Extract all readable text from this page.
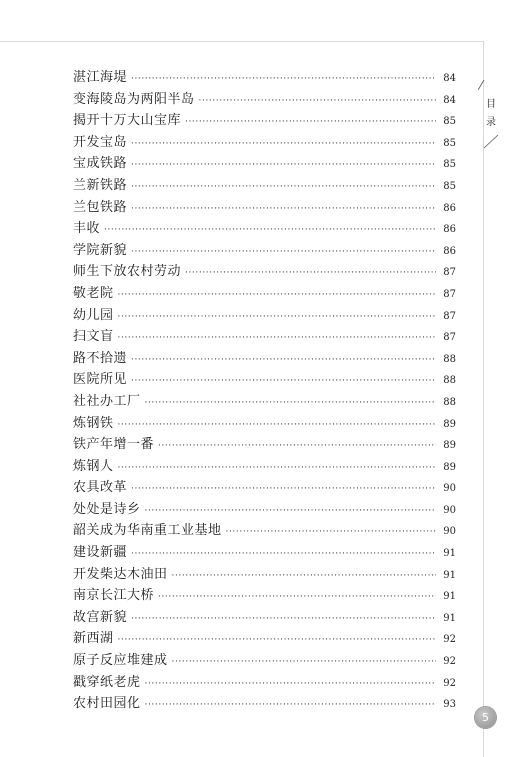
湛江海堤 ·····	84
变海陵岛为两阳半岛 ·····	84
揭开十万大山宝库 ·····	85
开发宝岛 ·····	85
宝成铁路 ·····	85
兰新铁路 ·····	85
兰包铁路 ·····	86
丰收 ·····	86
学院新貌 ·····	86
师生下放农村劳动 ·····	87
敬老院 ·····	87
幼儿园 ·····	87
扫文盲 ·····	87
路不拾遗 ·····	88
医院所见 ·····	88
社社办工厂 ·····	88
炼钢铁 ·····	89
铁产年增一番 ·····	89
炼钢人 ·····	89
农具改革 ·····	90
处处是诗乡 ·····	90
韶关成为华南重工业基地 ·····	90
建设新疆 ·····	91
开发柴达木油田 ·····	91
南京长江大桥 ·····	91
故宫新貌 ·····	91
新西湖 ·····	92
原子反应堆建成 ·····	92
戳穿纸老虎 ·····	92
农村田园化 ·····	93
目
录
5
